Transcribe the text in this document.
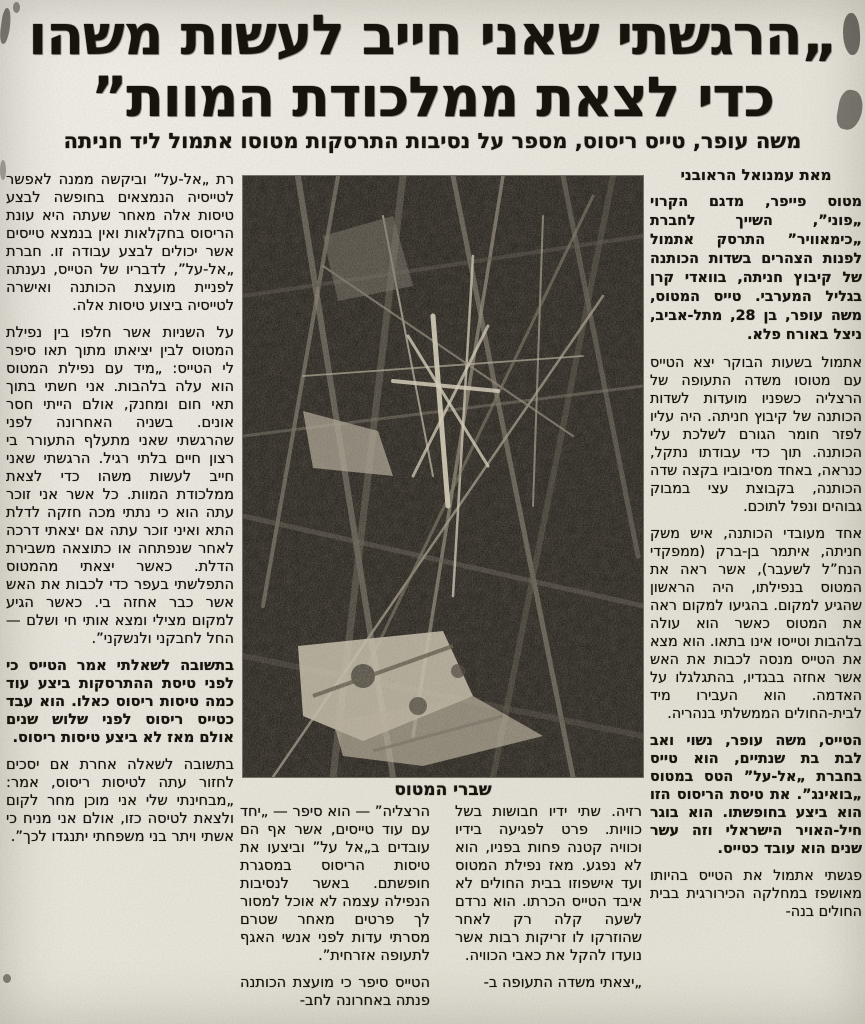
„הרגשתי שאני חייב לעשות משהו
כדי לצאת ממלכודת המוות”

משה עופר, טייס ריסוס, מספר על נסיבות התרסקות מטוסו אתמול ליד חניתה

מאת עמנואל הראובני

מטוס פייפר, מדגם הקרוי „פוני”, השייך לחברת „כימאוויר” התרסק אתמול לפנות הצהרים בשדות הכותנה של קיבוץ חניתה, בוואדי קרן בגליל המערבי. טייס המטוס, משה עופר, בן 28, מתל-אביב, ניצל באורח פלא.

אתמול בשעות הבוקר יצא הטייס עם מטוסו משדה התעופה של הרצליה כשפניו מועדות לשדות הכותנה של קיבוץ חניתה. היה עליו לפזר חומר הגורם לשלכת עלי הכותנה. תוך כדי עבודתו נתקל, כנראה, באחד מסיבוביו בקצה שדה הכותנה, בקבוצת עצי במבוק גבוהים ונפל לתוכם.

אחד מעובדי הכותנה, איש משק חניתה, איתמר בן-ברק (ממפקדי הנח”ל לשעבר), אשר ראה את המטוס בנפילתו, היה הראשון שהגיע למקום. בהגיעו למקום ראה את המטוס כאשר הוא עולה בלהבות וטייסו אינו בתאו. הוא מצא את הטייס מנסה לכבות את האש אשר אחזה בבגדיו, בהתגלגלו על האדמה. הוא העבירו מיד לבית-החולים הממשלתי בנהריה.

הטייס, משה עופר, נשוי ואב לבת בת שנתיים, הוא טייס בחברת „אל-על” הטס במטוס „בואינג”. את טיסת הריסוס הזו הוא ביצע בחופשתו. הוא בוגר חיל-האויר הישראלי וזה עשר שנים הוא עובד כטייס.

פגשתי אתמול את הטייס בהיותו מאושפז במחלקה הכירורגית בבית החולים בנה-

שברי המטוס

רזיה. שתי ידיו חבושות בשל כוויות. פרט לפגיעה בידיו וכוויה קטנה פחות בפניו, הוא לא נפגע. מאז נפילת המטוס ועד אישפוזו בבית החולים לא איבד הטייס הכרתו. הוא נרדם לשעה קלה רק לאחר שהוזרקו לו זריקות רבות אשר נועדו להקל את כאבי הכוויה.

„יצאתי משדה התעופה ב-

הרצליה” — הוא סיפר — „יחד עם עוד טייסים, אשר אף הם עובדים ב„אל על” וביצעו את טיסות הריסוס במסגרת חופשתם. באשר לנסיבות הנפילה עצמה לא אוכל למסור לך פרטים מאחר שטרם מסרתי עדות לפני אנשי האגף לתעופה אזרחית”.

הטייס סיפר כי מועצת הכותנה פנתה באחרונה לחב-

רת „אל-על” וביקשה ממנה לאפשר לטייסיה הנמצאים בחופשה לבצע טיסות אלה מאחר שעתה היא עונת הריסוס בחקלאות ואין בנמצא טייסים אשר יכולים לבצע עבודה זו. חברת „אל-על”, לדבריו של הטייס, נענתה לפניית מועצת הכותנה ואישרה לטייסיה ביצוע טיסות אלה.

על השניות אשר חלפו בין נפילת המטוס לבין יציאתו מתוך תאו סיפר לי הטייס: „מיד עם נפילת המטוס הוא עלה בלהבות. אני חשתי בתוך תאי חום ומחנק, אולם הייתי חסר אונים. בשניה האחרונה לפני שהרגשתי שאני מתעלף התעורר בי רצון חיים בלתי רגיל. הרגשתי שאני חייב לעשות משהו כדי לצאת ממלכודת המוות. כל אשר אני זוכר עתה הוא כי נתתי מכה חזקה לדלת התא ואיני זוכר עתה אם יצאתי דרכה לאחר שנפתחה או כתוצאה משבירת הדלת. כאשר יצאתי מהמטוס התפלשתי בעפר כדי לכבות את האש אשר כבר אחזה בי. כאשר הגיע למקום מצילי ומצא אותי חי ושלם — החל לחבקני ולנשקני”.

בתשובה לשאלתי אמר הטייס כי לפני טיסת ההתרסקות ביצע עוד כמה טיסות ריסוס כאלו. הוא עבד כטייס ריסוס לפני שלוש שנים אולם מאז לא ביצע טיסות ריסוס.

בתשובה לשאלה אחרת אם יסכים לחזור עתה לטיסות ריסוס, אמר: „מבחינתי שלי אני מוכן מחר לקום ולצאת לטיסה כזו, אולם אני מניח כי אשתי ויתר בני משפחתי יתנגדו לכך”.
